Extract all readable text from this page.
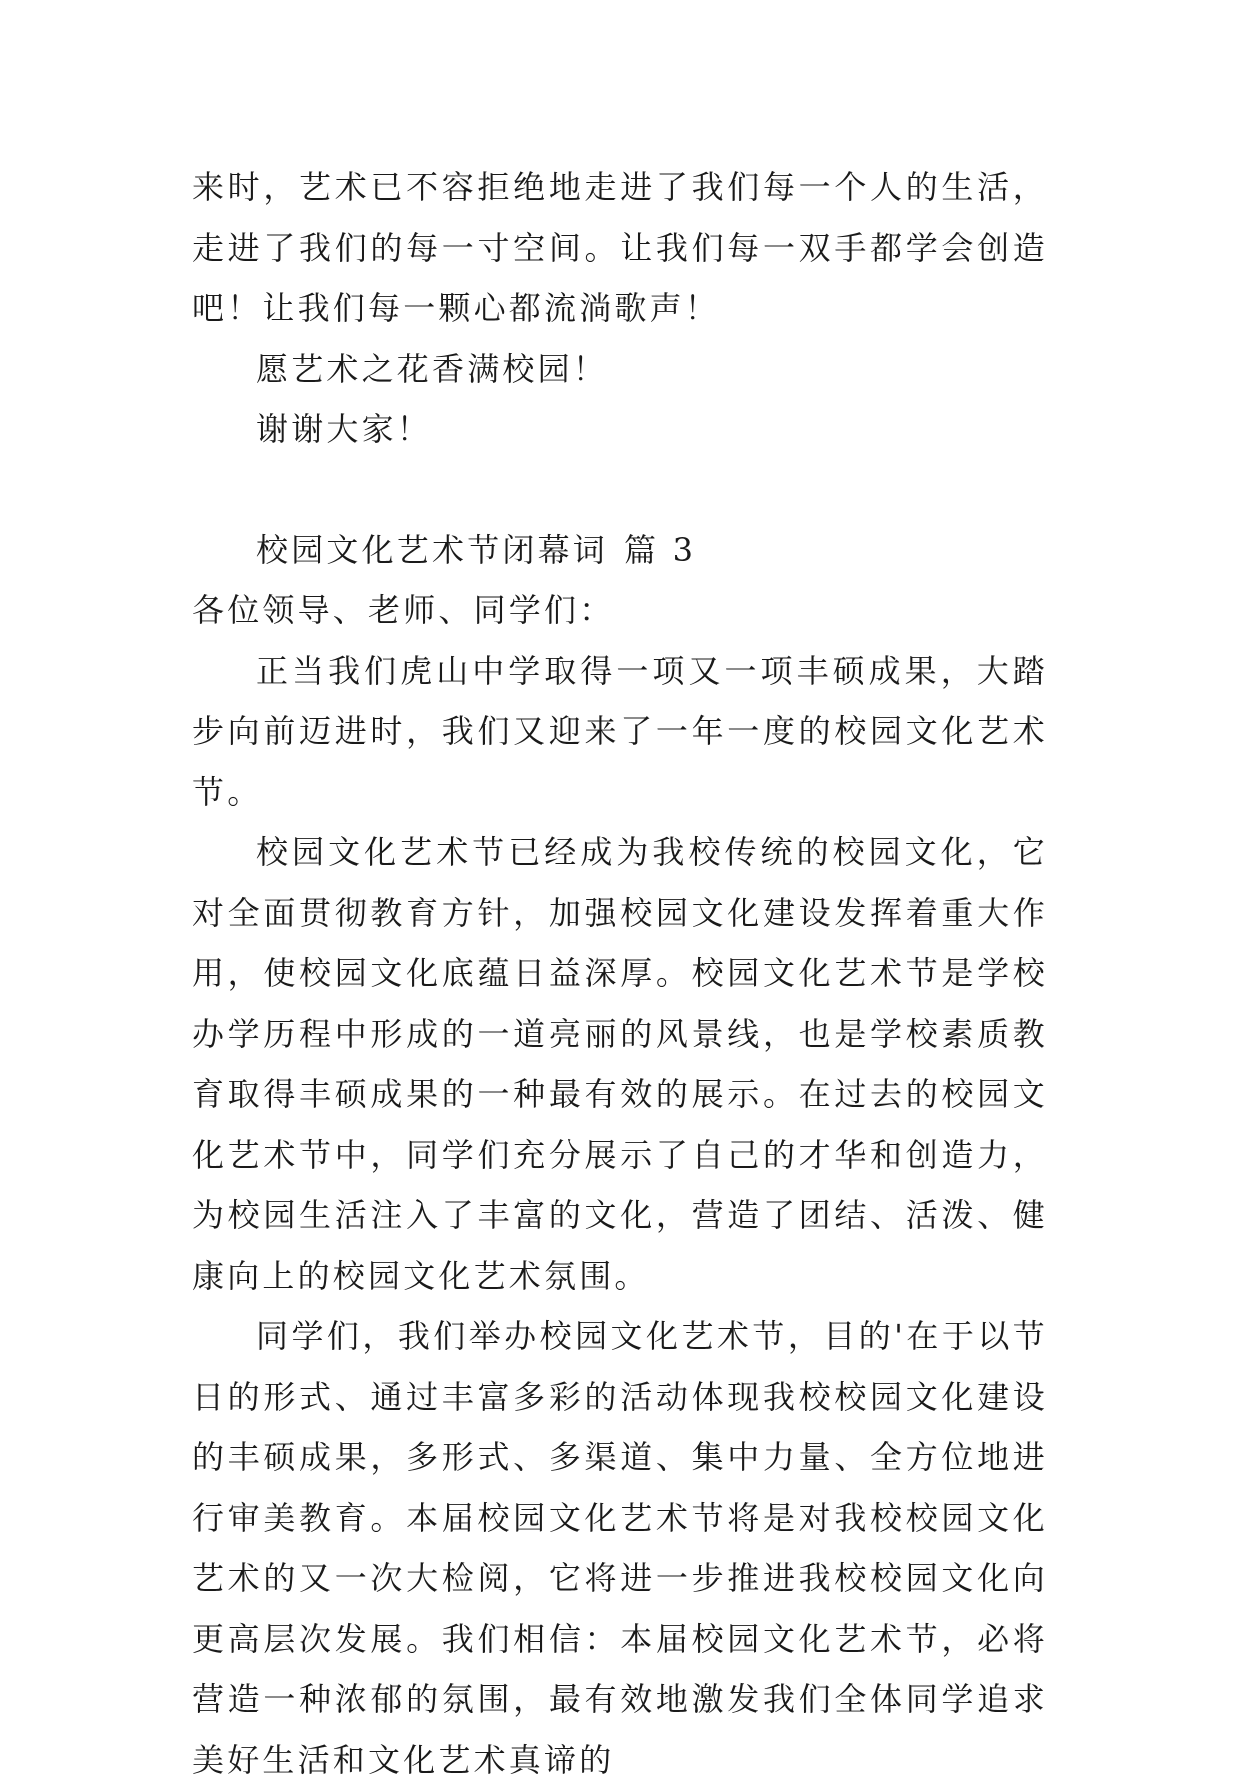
来时，艺术已不容拒绝地走进了我们每一个人的生活，走进了我们的每一寸空间。让我们每一双手都学会创造吧！让我们每一颗心都流淌歌声！

愿艺术之花香满校园！

谢谢大家！

校园文化艺术节闭幕词 篇 3

各位领导、老师、同学们：

正当我们虎山中学取得一项又一项丰硕成果，大踏步向前迈进时，我们又迎来了一年一度的校园文化艺术节。

校园文化艺术节已经成为我校传统的校园文化，它对全面贯彻教育方针，加强校园文化建设发挥着重大作用，使校园文化底蕴日益深厚。校园文化艺术节是学校办学历程中形成的一道亮丽的风景线，也是学校素质教育取得丰硕成果的一种最有效的展示。在过去的校园文化艺术节中，同学们充分展示了自己的才华和创造力，为校园生活注入了丰富的文化，营造了团结、活泼、健康向上的校园文化艺术氛围。

同学们，我们举办校园文化艺术节，目的'在于以节日的形式、通过丰富多彩的活动体现我校校园文化建设的丰硕成果，多形式、多渠道、集中力量、全方位地进行审美教育。本届校园文化艺术节将是对我校校园文化艺术的又一次大检阅，它将进一步推进我校校园文化向更高层次发展。我们相信：本届校园文化艺术节，必将营造一种浓郁的氛围，最有效地激发我们全体同学追求美好生活和文化艺术真谛的
